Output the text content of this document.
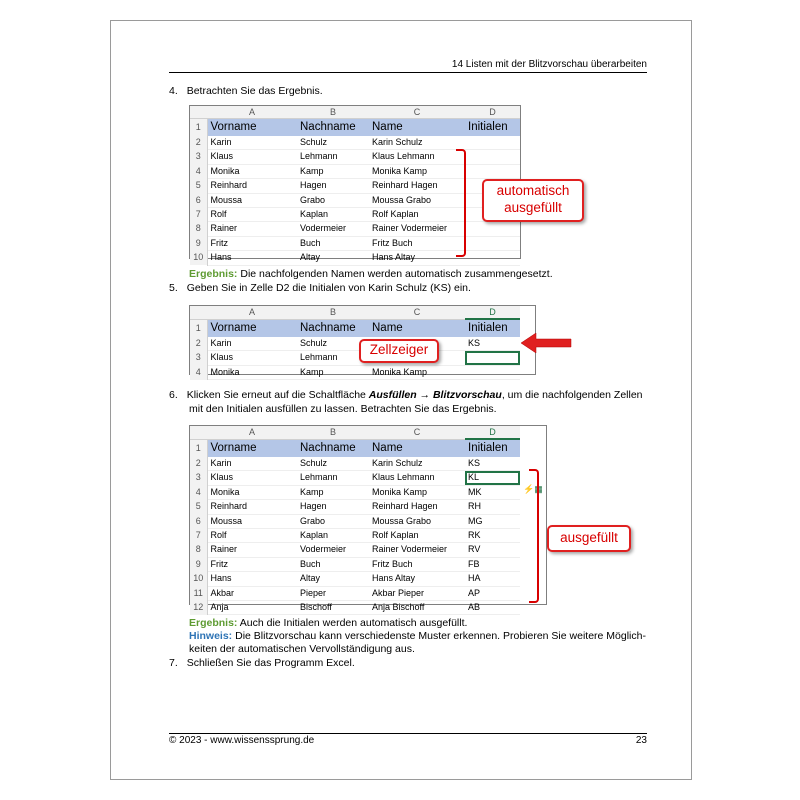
14 Listen mit der Blitzvorschau überarbeiten
4. Betrachten Sie das Ergebnis.
	A	B	C	D
1	Vorname	Nachname	Name	Initialen
2	Karin	Schulz	Karin Schulz	
3	Klaus	Lehmann	Klaus Lehmann	
4	Monika	Kamp	Monika Kamp	
5	Reinhard	Hagen	Reinhard Hagen	
6	Moussa	Grabo	Moussa Grabo	
7	Rolf	Kaplan	Rolf Kaplan	
8	Rainer	Vodermeier	Rainer Vodermeier	
9	Fritz	Buch	Fritz Buch	
10	Hans	Altay	Hans Altay	
automatisch
ausgefüllt
Ergebnis: Die nachfolgenden Namen werden automatisch zusammengesetzt.
5. Geben Sie in Zelle D2 die Initialen von Karin Schulz (KS) ein.
	A	B	C	D
1	Vorname	Nachname	Name	Initialen
2	Karin	Schulz		KS
3	Klaus	Lehmann		
4	Monika	Kamp	Monika Kamp	
Zellzeiger
6. Klicken Sie erneut auf die Schaltfläche Ausfüllen → Blitzvorschau, um die nachfolgenden Zellen
mit den Initialen ausfüllen zu lassen. Betrachten Sie das Ergebnis.
	A	B	C	D
1	Vorname	Nachname	Name	Initialen
2	Karin	Schulz	Karin Schulz	KS
3	Klaus	Lehmann	Klaus Lehmann	KL
4	Monika	Kamp	Monika Kamp	MK
5	Reinhard	Hagen	Reinhard Hagen	RH
6	Moussa	Grabo	Moussa Grabo	MG
7	Rolf	Kaplan	Rolf Kaplan	RK
8	Rainer	Vodermeier	Rainer Vodermeier	RV
9	Fritz	Buch	Fritz Buch	FB
10	Hans	Altay	Hans Altay	HA
11	Akbar	Pieper	Akbar Pieper	AP
12	Anja	Bischoff	Anja Bischoff	AB
⚡▦
ausgefüllt
Ergebnis: Auch die Initialen werden automatisch ausgefüllt.
Hinweis: Die Blitzvorschau kann verschiedenste Muster erkennen. Probieren Sie weitere Möglich-
keiten der automatischen Vervollständigung aus.
7. Schließen Sie das Programm Excel.
© 2023 - www.wissenssprung.de	23
